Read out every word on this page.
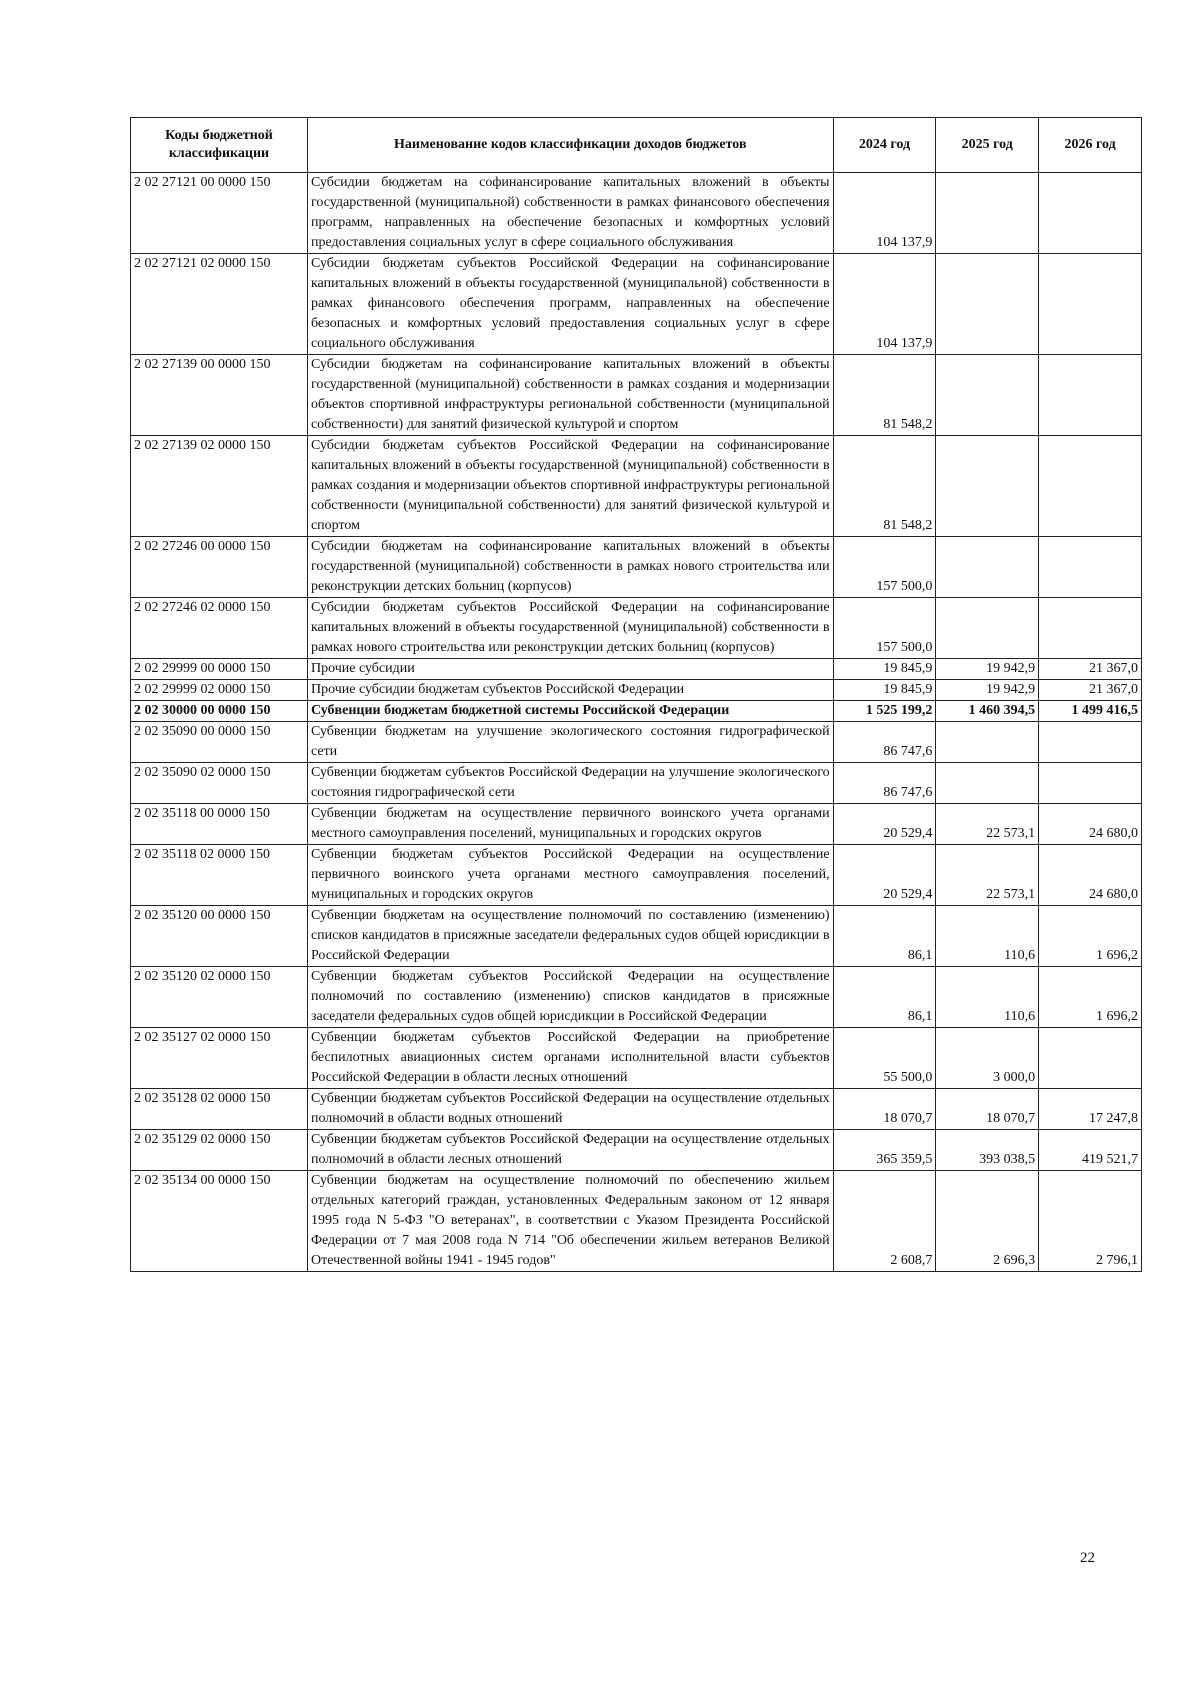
Коды бюджетной классификации	Наименование кодов классификации доходов бюджетов	2024 год	2025 год	2026 год
2 02 27121 00 0000 150	Субсидии бюджетам на софинансирование капитальных вложений в объекты государственной (муниципальной) собственности в рамках финансового обеспечения программ, направленных на обеспечение безопасных и комфортных условий предоставления социальных услуг в сфере социального обслуживания	104 137,9		
2 02 27121 02 0000 150	Субсидии бюджетам субъектов Российской Федерации на софинансирование капитальных вложений в объекты государственной (муниципальной) собственности в рамках финансового обеспечения программ, направленных на обеспечение безопасных и комфортных условий предоставления социальных услуг в сфере социального обслуживания	104 137,9		
2 02 27139 00 0000 150	Субсидии бюджетам на софинансирование капитальных вложений в объекты государственной (муниципальной) собственности в рамках создания и модернизации объектов спортивной инфраструктуры региональной собственности (муниципальной собственности) для занятий физической культурой и спортом	81 548,2		
2 02 27139 02 0000 150	Субсидии бюджетам субъектов Российской Федерации на софинансирование капитальных вложений в объекты государственной (муниципальной) собственности в рамках создания и модернизации объектов спортивной инфраструктуры региональной собственности (муниципальной собственности) для занятий физической культурой и спортом	81 548,2		
2 02 27246 00 0000 150	Субсидии бюджетам на софинансирование капитальных вложений в объекты государственной (муниципальной) собственности в рамках нового строительства или реконструкции детских больниц (корпусов)	157 500,0		
2 02 27246 02 0000 150	Субсидии бюджетам субъектов Российской Федерации на софинансирование капитальных вложений в объекты государственной (муниципальной) собственности в рамках нового строительства или реконструкции детских больниц (корпусов)	157 500,0		
2 02 29999 00 0000 150	Прочие субсидии	19 845,9	19 942,9	21 367,0
2 02 29999 02 0000 150	Прочие субсидии бюджетам субъектов Российской Федерации	19 845,9	19 942,9	21 367,0
2 02 30000 00 0000 150	Субвенции бюджетам бюджетной системы Российской Федерации	1 525 199,2	1 460 394,5	1 499 416,5
2 02 35090 00 0000 150	Субвенции бюджетам на улучшение экологического состояния гидрографической сети	86 747,6		
2 02 35090 02 0000 150	Субвенции бюджетам субъектов Российской Федерации на улучшение экологического состояния гидрографической сети	86 747,6		
2 02 35118 00 0000 150	Субвенции бюджетам на осуществление первичного воинского учета органами местного самоуправления поселений, муниципальных и городских округов	20 529,4	22 573,1	24 680,0
2 02 35118 02 0000 150	Субвенции бюджетам субъектов Российской Федерации на осуществление первичного воинского учета органами местного самоуправления поселений, муниципальных и городских округов	20 529,4	22 573,1	24 680,0
2 02 35120 00 0000 150	Субвенции бюджетам на осуществление полномочий по составлению (изменению) списков кандидатов в присяжные заседатели федеральных судов общей юрисдикции в Российской Федерации	86,1	110,6	1 696,2
2 02 35120 02 0000 150	Субвенции бюджетам субъектов Российской Федерации на осуществление полномочий по составлению (изменению) списков кандидатов в присяжные заседатели федеральных судов общей юрисдикции в Российской Федерации	86,1	110,6	1 696,2
2 02 35127 02 0000 150	Субвенции бюджетам субъектов Российской Федерации на приобретение беспилотных авиационных систем органами исполнительной власти субъектов Российской Федерации в области лесных отношений	55 500,0	3 000,0	
2 02 35128 02 0000 150	Субвенции бюджетам субъектов Российской Федерации на осуществление отдельных полномочий в области водных отношений	18 070,7	18 070,7	17 247,8
2 02 35129 02 0000 150	Субвенции бюджетам субъектов Российской Федерации на осуществление отдельных полномочий в области лесных отношений	365 359,5	393 038,5	419 521,7
2 02 35134 00 0000 150	Субвенции бюджетам на осуществление полномочий по обеспечению жильем отдельных категорий граждан, установленных Федеральным законом от 12 января 1995 года N 5-ФЗ "О ветеранах", в соответствии с Указом Президента Российской Федерации от 7 мая 2008 года N 714 "Об обеспечении жильем ветеранов Великой Отечественной войны 1941 - 1945 годов"	2 608,7	2 696,3	2 796,1
22
